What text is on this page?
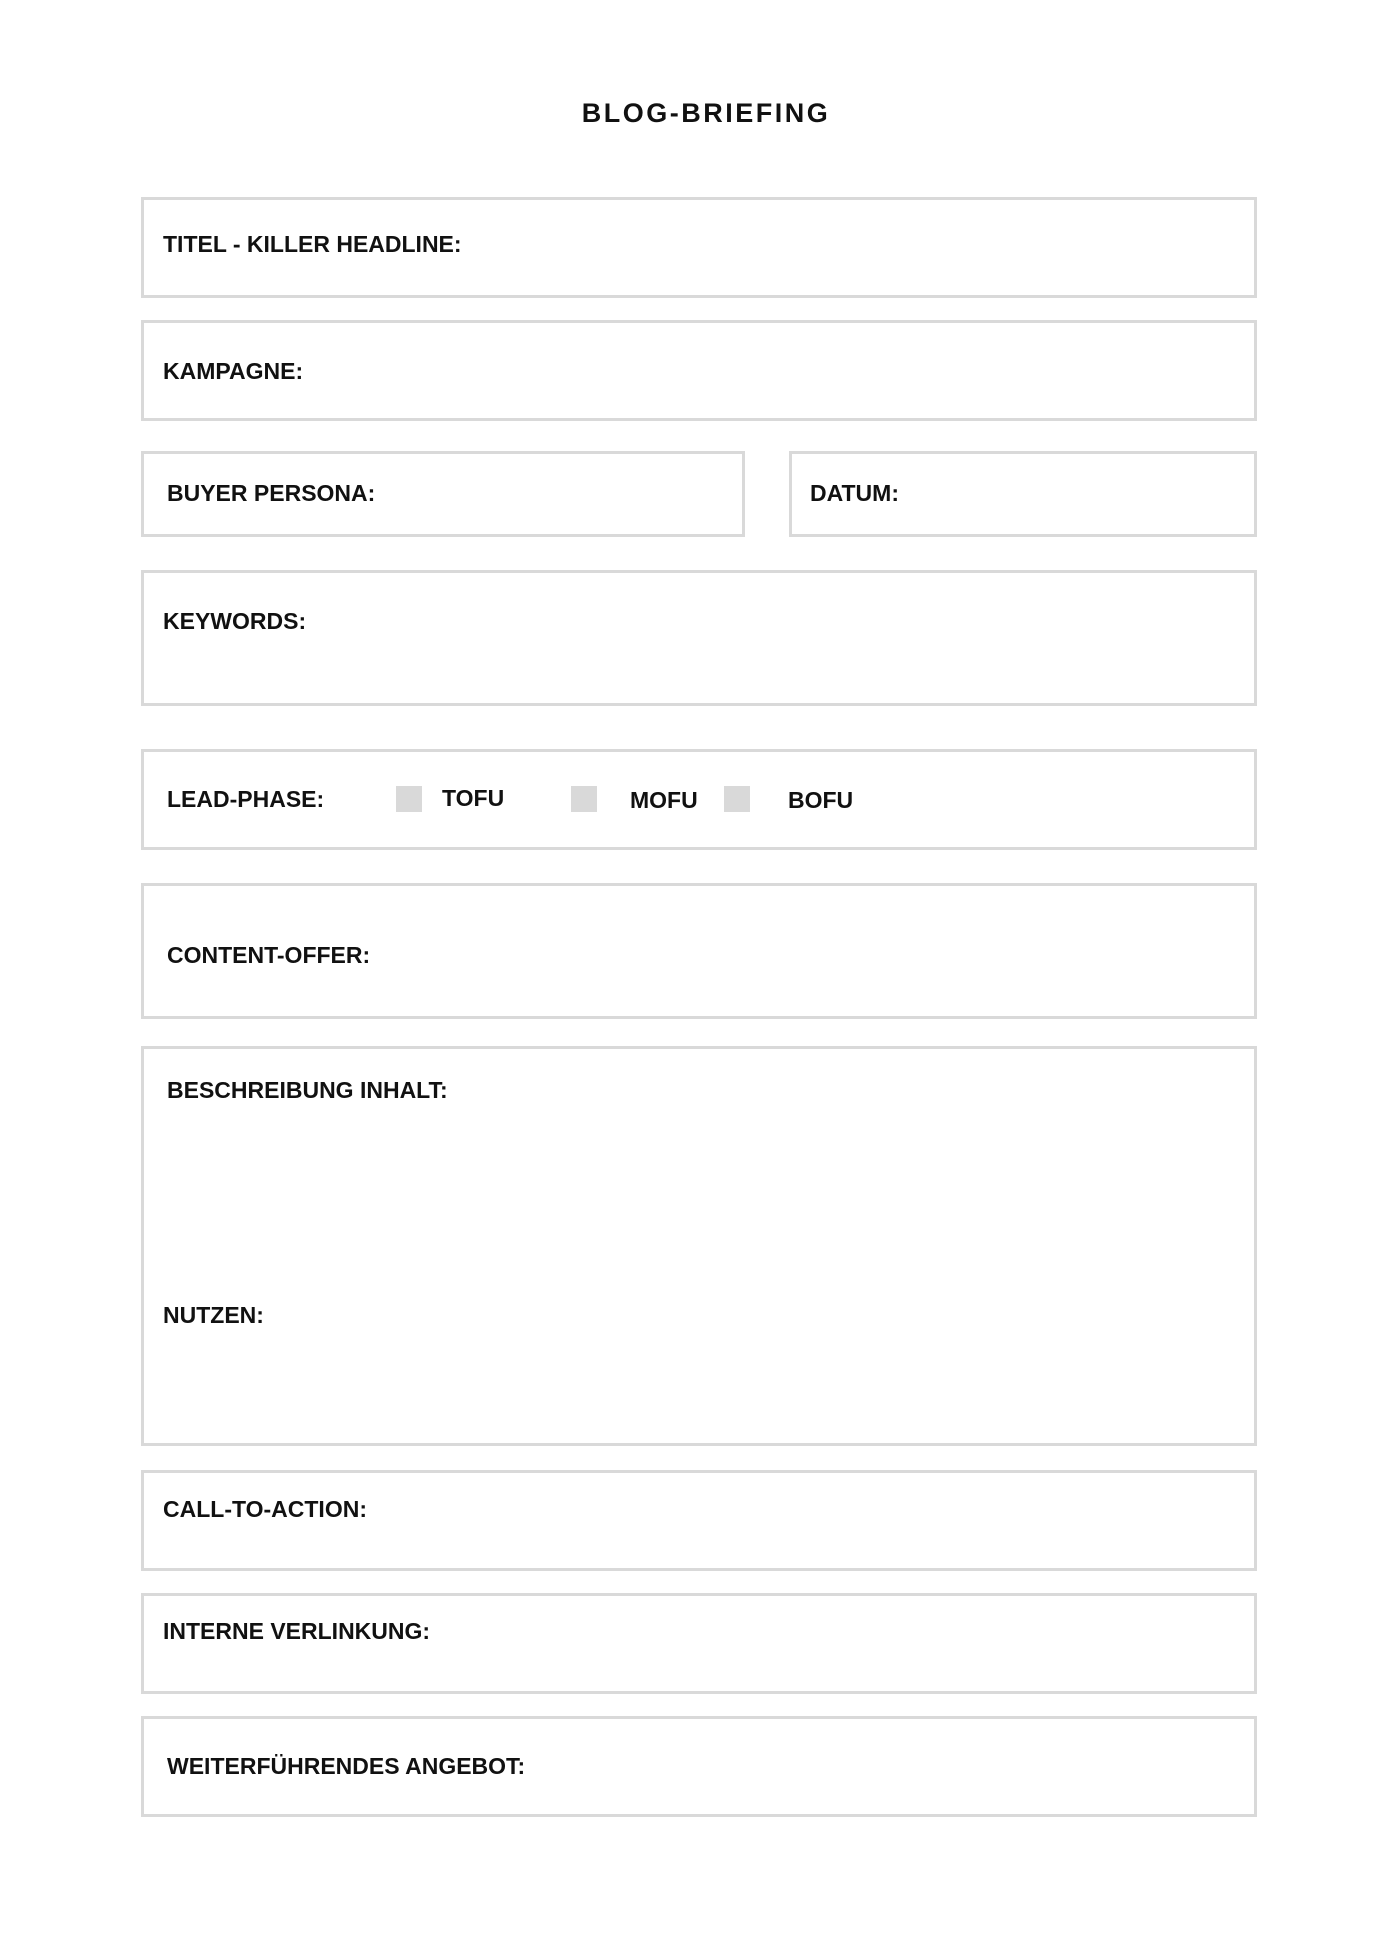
BLOG-BRIEFING
TITEL - KILLER HEADLINE:
KAMPAGNE:
BUYER PERSONA:	DATUM:
KEYWORDS:
LEAD-PHASE:	TOFU	MOFU	BOFU
CONTENT-OFFER:
BESCHREIBUNG INHALT:
NUTZEN:
CALL-TO-ACTION:
INTERNE VERLINKUNG:
WEITERFÜHRENDES ANGEBOT:
